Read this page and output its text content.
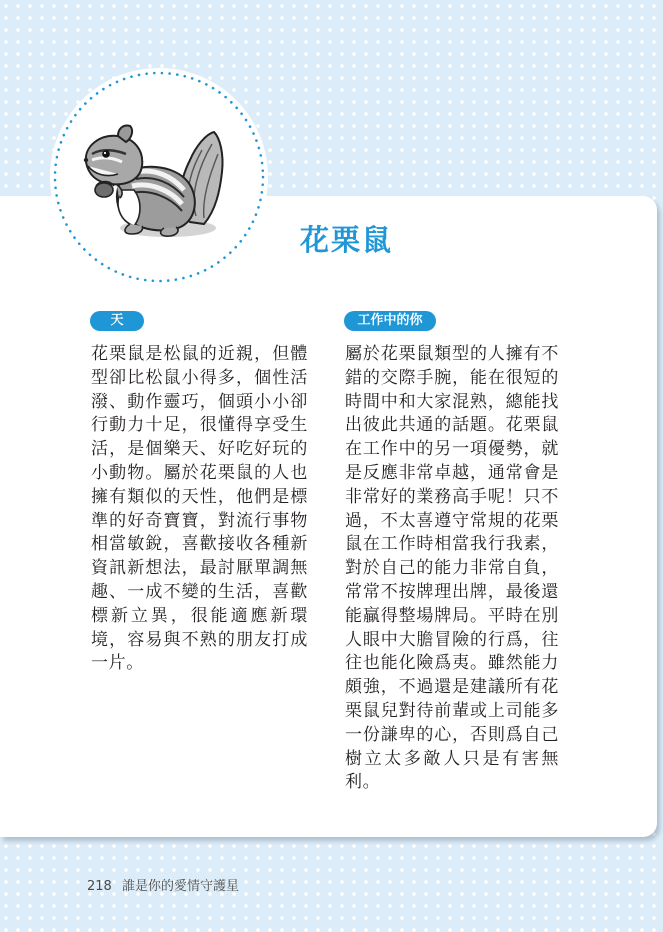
花栗鼠
天性
工作中的你

花栗鼠是松鼠的近親，但體型卻比松鼠小得多，個性活潑、動作靈巧，個頭小小卻行動力十足，很懂得享受生活，是個樂天、好吃好玩的小動物。屬於花栗鼠的人也擁有類似的天性，他們是標準的好奇寶寶，對流行事物相當敏銳，喜歡接收各種新資訊新想法，最討厭單調無趣、一成不變的生活，喜歡標新立異，很能適應新環境，容易與不熟的朋友打成一片。

屬於花栗鼠類型的人擁有不錯的交際手腕，能在很短的時間中和大家混熟，總能找出彼此共通的話題。花栗鼠在工作中的另一項優勢，就是反應非常卓越，通常會是非常好的業務高手呢！只不過，不太喜遵守常規的花栗鼠在工作時相當我行我素，對於自己的能力非常自負，常常不按牌理出牌，最後還能贏得整場牌局。平時在別人眼中大膽冒險的行爲，往往也能化險爲夷。雖然能力頗強，不過還是建議所有花栗鼠兒對待前輩或上司能多一份謙卑的心，否則爲自己樹立太多敵人只是有害無利。

218 誰是你的愛情守護星
